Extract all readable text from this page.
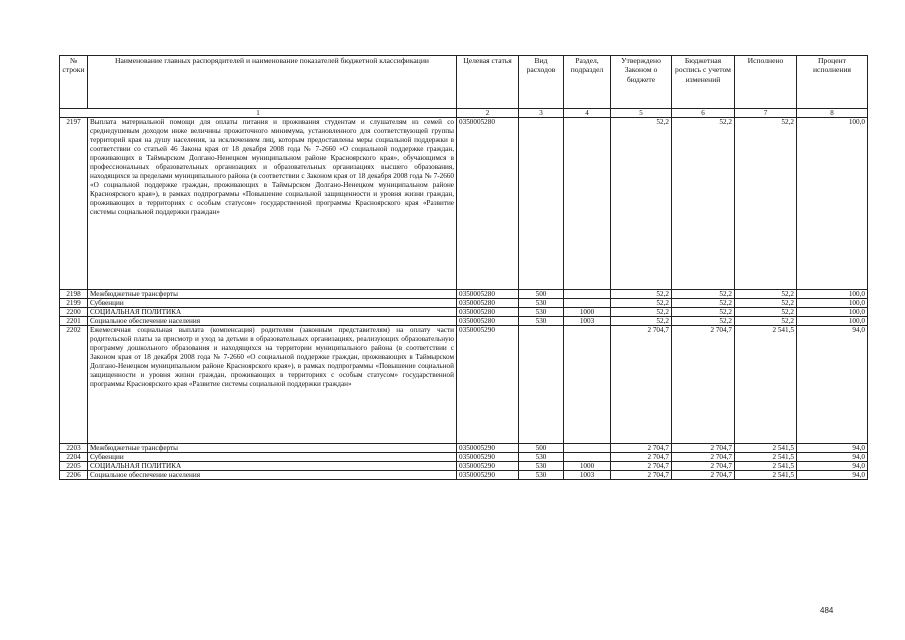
№ строки	Наименование главных распорядителей и наименование показателей бюджетной классификации	Целевая статья	Вид расходов	Раздел, подраздел	Утверждено Законом о бюджете	Бюджетная роспись с учетом изменений	Исполнено	Процент исполнения
1		2	3	4	5	6	7	8
2197	Выплата материальной помощи для оплаты питания и проживания студентам и слушателям из семей со среднедушевым доходом ниже величины прожиточного минимума, установленного для соответствующей группы территорий края на душу населения, за исключением лиц, которым предоставлены меры социальной поддержки в соответствии со статьей 46 Закона края от 18 декабря 2008 года № 7-2660 «О социальной поддержке граждан, проживающих в Таймырском Долгано-Ненецком муниципальном районе Красноярского края», обучающимся в профессиональных образовательных организациях и образовательных организациях высшего образования, находящихся за пределами муниципального района (в соответствии с Законом края от 18 декабря 2008 года № 7-2660 «О социальной поддержке граждан, проживающих в Таймырском Долгано-Ненецком муниципальном районе Красноярского края»), в рамках подпрограммы «Повышение социальной защищенности и уровня жизни граждан, проживающих в территориях с особым статусом» государственной программы Красноярского края «Развитие системы социальной поддержки граждан»	0350005280			52,2	52,2	52,2	100,0
2198	Межбюджетные трансферты	0350005280	500		52,2	52,2	52,2	100,0
2199	Субвенции	0350005280	530		52,2	52,2	52,2	100,0
2200	СОЦИАЛЬНАЯ ПОЛИТИКА	0350005280	530	1000	52,2	52,2	52,2	100,0
2201	Социальное обеспечение населения	0350005280	530	1003	52,2	52,2	52,2	100,0
2202	Ежемесячная социальная выплата (компенсация) родителям (законным представителям) на оплату части родительской платы за присмотр и уход за детьми в образовательных организациях, реализующих образовательную программу дошкольного образования и находящихся на территории муниципального района (в соответствии с Законом края от 18 декабря 2008 года № 7-2660 «О социальной поддержке граждан, проживающих в Таймырском Долгано-Ненецком муниципальном районе Красноярского края»), в рамках подпрограммы «Повышение социальной защищенности и уровня жизни граждан, проживающих в территориях с особым статусом» государственной программы Красноярского края «Развитие системы социальной поддержки граждан»	0350005290			2 704,7	2 704,7	2 541,5	94,0
2203	Межбюджетные трансферты	0350005290	500		2 704,7	2 704,7	2 541,5	94,0
2204	Субвенции	0350005290	530		2 704,7	2 704,7	2 541,5	94,0
2205	СОЦИАЛЬНАЯ ПОЛИТИКА	0350005290	530	1000	2 704,7	2 704,7	2 541,5	94,0
2206	Социальное обеспечение населения	0350005290	530	1003	2 704,7	2 704,7	2 541,5	94,0
484
